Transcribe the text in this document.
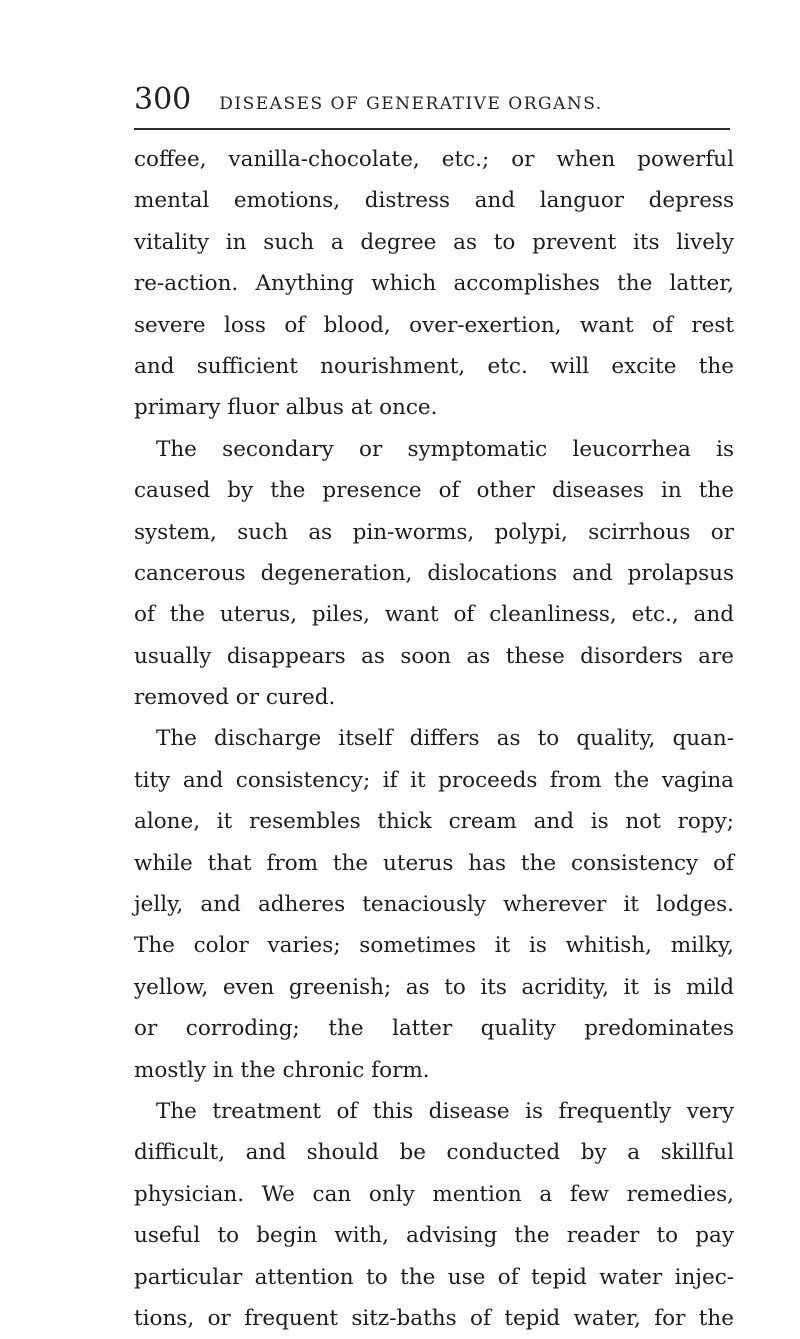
300 DISEASES OF GENERATIVE ORGANS.
coffee, vanilla-chocolate, etc.; or when powerful
mental emotions, distress and languor depress
vitality in such a degree as to prevent its lively
re-action. Anything which accomplishes the latter,
severe loss of blood, over-exertion, want of rest
and sufficient nourishment, etc. will excite the
primary fluor albus at once.
The secondary or symptomatic leucorrhea is
caused by the presence of other diseases in the
system, such as pin-worms, polypi, scirrhous or
cancerous degeneration, dislocations and prolapsus
of the uterus, piles, want of cleanliness, etc., and
usually disappears as soon as these disorders are
removed or cured.
The discharge itself differs as to quality, quan-
tity and consistency; if it proceeds from the vagina
alone, it resembles thick cream and is not ropy;
while that from the uterus has the consistency of
jelly, and adheres tenaciously wherever it lodges.
The color varies; sometimes it is whitish, milky,
yellow, even greenish; as to its acridity, it is mild
or corroding; the latter quality predominates
mostly in the chronic form.
The treatment of this disease is frequently very
difficult, and should be conducted by a skillful
physician. We can only mention a few remedies,
useful to begin with, advising the reader to pay
particular attention to the use of tepid water injec-
tions, or frequent sitz-baths of tepid water, for the
